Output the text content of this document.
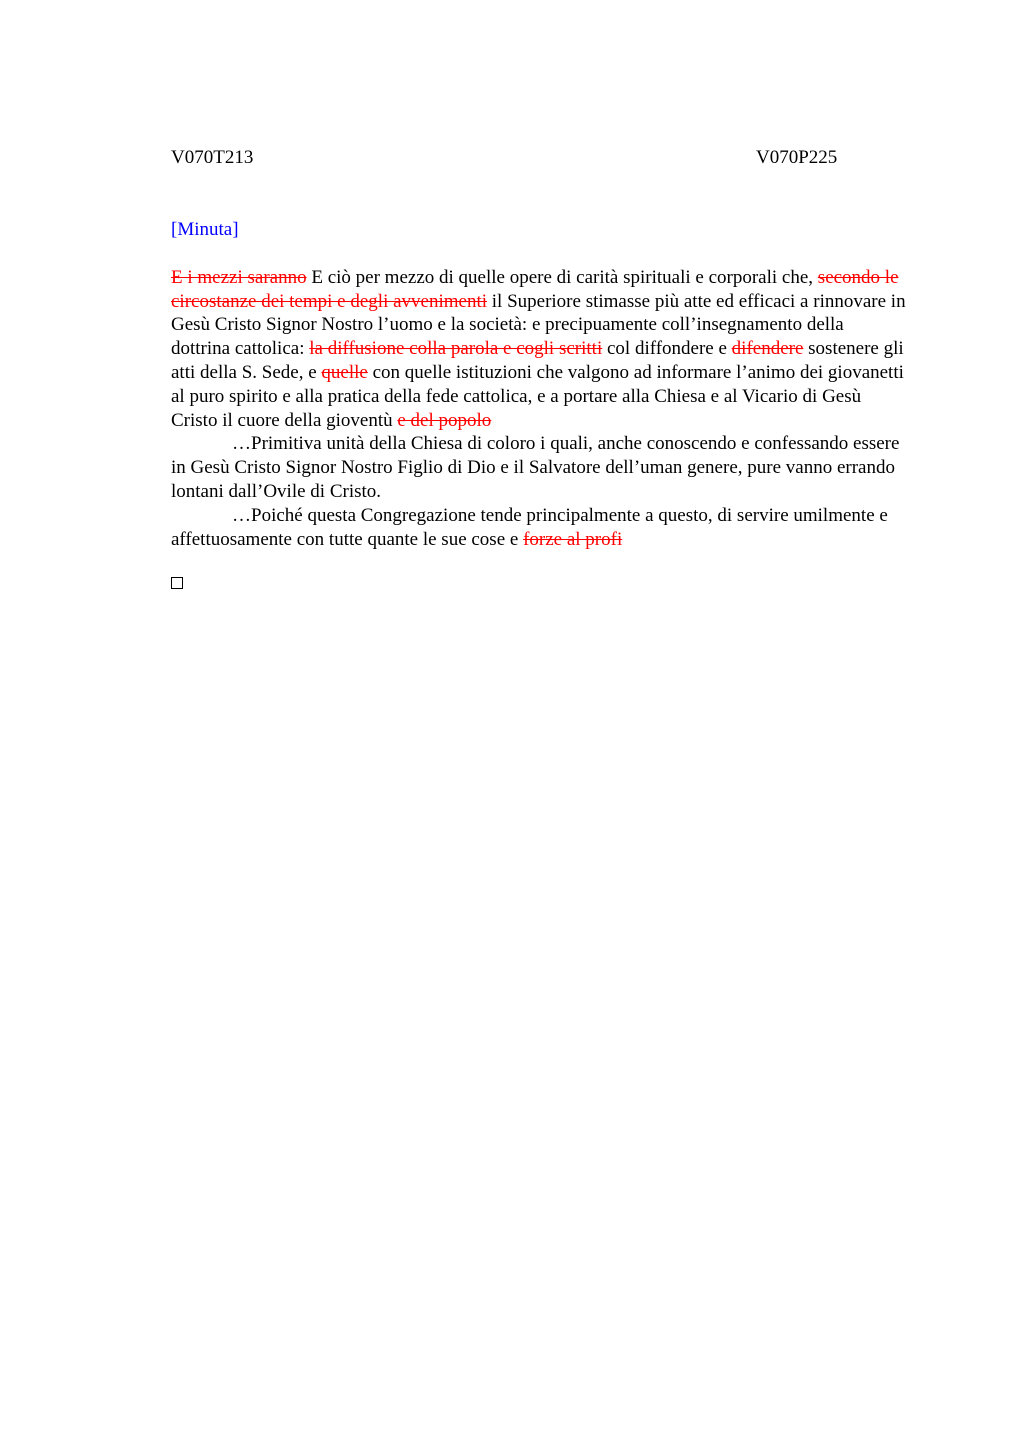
V070T213	V070P225
[Minuta]

E i mezzi saranno E ciò per mezzo di quelle opere di carità spirituali e corporali che, secondo le circostanze dei tempi e degli avvenimenti il Superiore stimasse più atte ed efficaci a rinnovare in Gesù Cristo Signor Nostro l’uomo e la società: e precipuamente coll’insegnamento della dottrina cattolica: la diffusione colla parola e cogli scritti col diffondere e difendere sostenere gli atti della S. Sede, e quelle con quelle istituzioni che valgono ad informare l’animo dei giovanetti al puro spirito e alla pratica della fede cattolica, e a portare alla Chiesa e al Vicario di Gesù Cristo il cuore della gioventù e del popolo

…Primitiva unità della Chiesa di coloro i quali, anche conoscendo e confessando essere in Gesù Cristo Signor Nostro Figlio di Dio e il Salvatore dell’uman genere, pure vanno errando lontani dall’Ovile di Cristo.

…Poiché questa Congregazione tende principalmente a questo, di servire umilmente e affettuosamente con tutte quante le sue cose e forze al profi
